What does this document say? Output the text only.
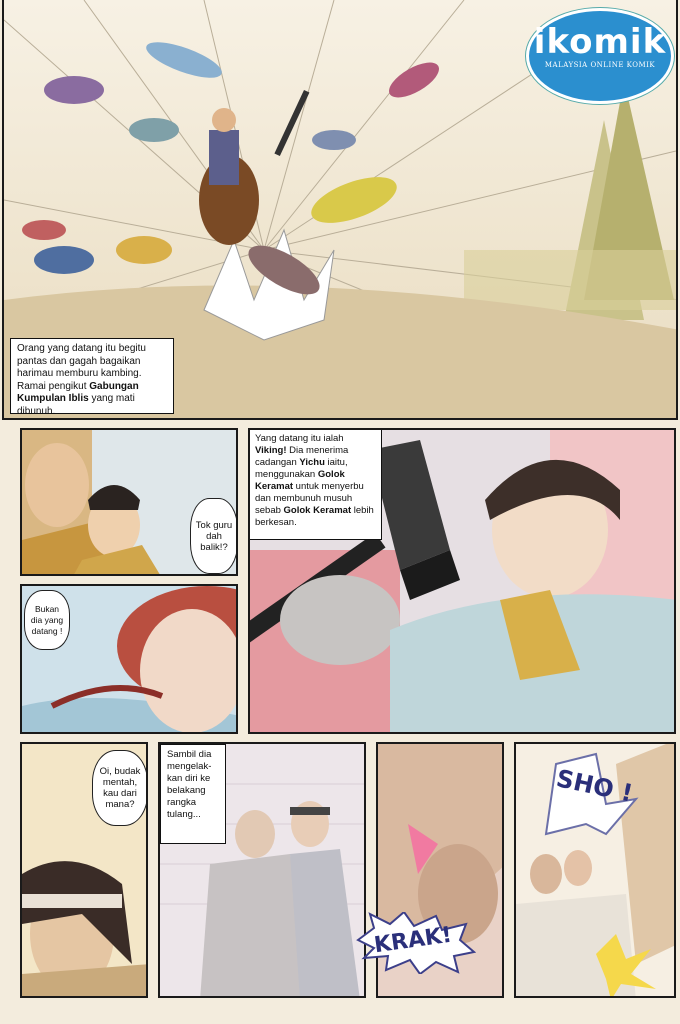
Orang yang datang itu begitu pantas dan gagah bagaikan harimau memburu kambing. Ramai pengikut Gabungan Kumpulan Iblis yang mati dibunuh.
ikomik
MALAYSIA ONLINE KOMIK
Tok guru dah balik!?
Yang datang itu ialah Viking! Dia menerima cadangan Yichu iaitu, menggunakan Golok Keramat untuk menyerbu dan membunuh musuh sebab Golok Keramat lebih berkesan.
Bukan dia yang datang !
Oi, budak mentah, kau dari mana?
Sambil dia mengelak-kan diri ke belakang rangka tulang...
SHO !
KRAK!
